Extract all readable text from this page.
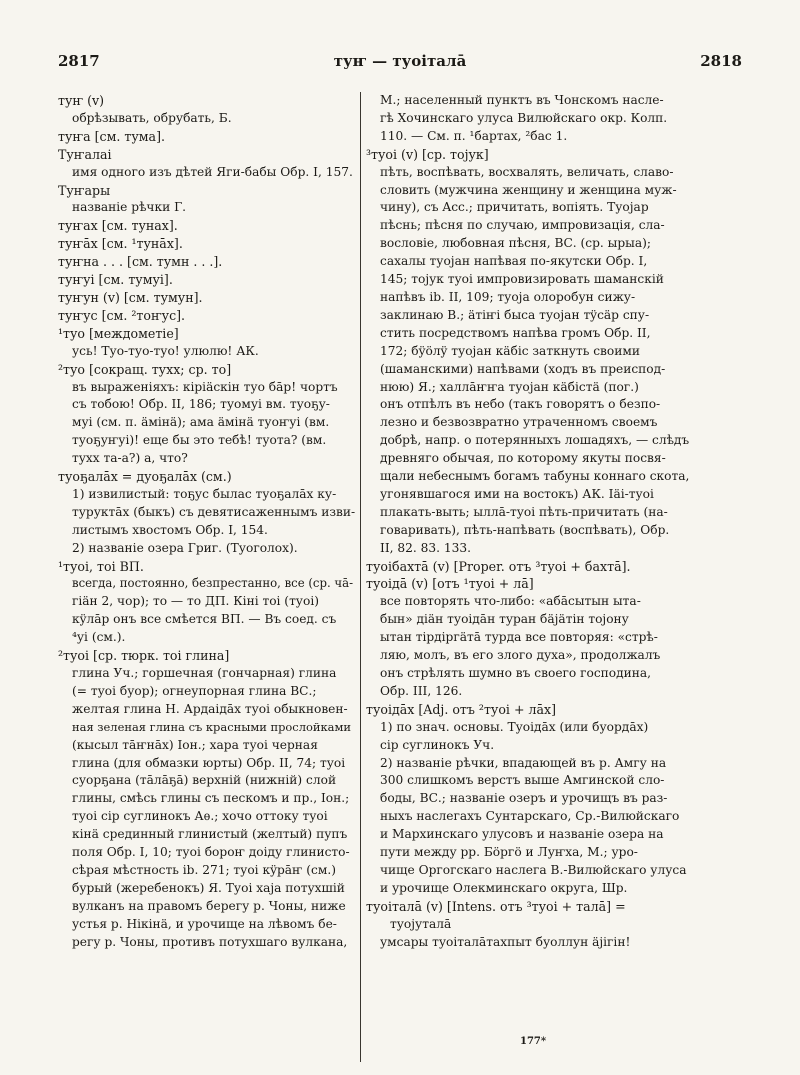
2817	туҥ — туоіталā	2818
туҥ (v)
обрѣзывать, обрубать, Б.
туҥа [см. тума].
Туҥалаі
имя одного изъ дѣтей Яги-бабы Обр. I, 157.
Туҥары
названіе рѣчки Г.
туҥах [см. тунах].
туҥāх [см. ¹тунāх].
туҥна . . . [см. тумн . . .].
туҥуі [см. тумуі].
туҥун (v) [см. тумун].
туҥус [см. ²тоҥус].
¹туо [междометіе]
усь! Туо-туо-туо! улюлю! АК.
²туо [сокращ. тухх; ср. то]
въ выраженіяхъ: кіріäскін туо бāр! чортъ
съ тобою! Обр. II, 186; туомуі вм. туоҕу-
муі (см. п. äмінä); ама äмінä туоҥуі (вм.
туоҕуҥуі)! еще бы это тебѣ! туота? (вм.
тухх та-а?) а, что?
туоҕалāх = дуоҕалāх (см.)
1) извилистый: тоҕус былас туоҕалāх ку-
туруктāх (быкъ) съ девятисаженнымъ изви-
листымъ хвостомъ Обр. I, 154.
2) названіе озера Григ. (Туоголох).
¹туоі, тоі ВП.
всегда, постоянно, безпрестанно, все (ср. чā-
гiäн 2, чор); то — то ДП. Кіні тоі (туоі)
кÿлāр онъ все смѣется ВП. — Въ соед. съ
⁴уі (см.).
²туоі [ср. тюрк. тоі глина]
глина Уч.; горшечная (гончарная) глина
(= туоі буор); огнеупорная глина ВС.;
желтая глина Н. Ардаідāх туоі обыкновен-
ная зеленая глина съ красными прослойками
(кысыл тāҥнāх) Іон.; хара туоі черная
глина (для обмазки юрты) Обр. II, 74; туоі
суорҕана (тāлāҕā) верхній (нижній) слой
глины, смѣсь глины съ пескомъ и пр., Іон.;
туоі сір суглинокъ Аѳ.; хочо оттоку туоі
кінä срединный глинистый (желтый) пупъ
поля Обр. I, 10; туоі бороҥ доіду глинисто-
сѣрая мѣстность іb. 271; туоі кÿрāҥ (см.)
бурый (жеребенокъ) Я. Туоі хаjа потухшій
вулканъ на правомъ берегу р. Чоны, ниже
устья р. Нікінä, и урочище на лѣвомъ бе-
регу р. Чоны, противъ потухшаго вулкана,
М.; населенный пунктъ въ Чонскомъ насле-
гѣ Хочинскаго улуса Вилюйскаго окр. Колп.
110. — См. п. ¹бартах, ²бас 1.
³туоі (v) [ср. тојук]
пѣть, воспѣвать, восхвалять, величать, славо-
словить (мужчина женщину и женщина муж-
чину), съ Acc.; причитать, вопіять. Туоjар
пѣснь; пѣсня по случаю, импровизація, сла-
вословіе, любовная пѣсня, ВС. (ср. ырыа);
сахалы туоjан напѣвая по-якутски Обр. I,
145; тојук туоі импровизировать шаманскій
напѣвъ іb. II, 109; туоjа олоробун сижу-
заклинаю В.; äтіҥі быса туоjан тÿсäр спу-
стить посредствомъ напѣва громъ Обр. II,
172; бÿöлÿ туоjан кäбіс заткнуть своими
(шаманскими) напѣвами (ходъ въ преиспод-
нюю) Я.; халлāҥҥа туоjан кäбістä (пог.)
онъ отпѣлъ въ небо (такъ говорятъ о безпо-
лезно и безвозвратно утраченномъ своемъ
добрѣ, напр. о потерянныхъ лошадяхъ, — слѣдъ
древняго обычая, по которому якуты посвя-
щали небеснымъ богамъ табуны коннаго скота,
угонявшагося ими на востокъ) АК. Іäі-туоі
плакать-выть; ыллā-туоі пѣть-причитать (на-
говаривать), пѣть-напѣвать (воспѣвать), Обр.
II, 82. 83. 133.
туоібахтā (v) [Proper. отъ ³туоі + бахтā].
туоідā (v) [отъ ¹туоі + лā]
все повторять что-либо: «абāсытын ыта-
бын» діäн туоідāн туран бäjäтін тоjону
ытан тірдіргäтā турда все повторяя: «стрѣ-
ляю, молъ, въ его злого духа», продолжалъ
онъ стрѣлять шумно въ своего господина,
Обр. III, 126.
туоідāх [Adj. отъ ²туоі + лāх]
1) по знач. основы. Туоідāх (или буордāх)
сір суглинокъ Уч.
2) названіе рѣчки, впадающей въ р. Амгу на
300 слишкомъ верстъ выше Амгинской сло-
боды, ВС.; названіе озеръ и урочищъ въ раз-
ныхъ наслегахъ Сунтарскаго, Ср.-Вилюйскаго
и Мархинскаго улусовъ и названіе озера на
пути между рр. Бöргö и Луҥха, М.; уро-
чище Оргогскаго наслега В.-Вилюйскаго улуса
и урочище Олекминскаго округа, Шр.
туоіталā (v) [Intens. отъ ³туоі + талā] =
туоjуталā
умсары туоіталāтахпыт буоллун äjігін!
177*
